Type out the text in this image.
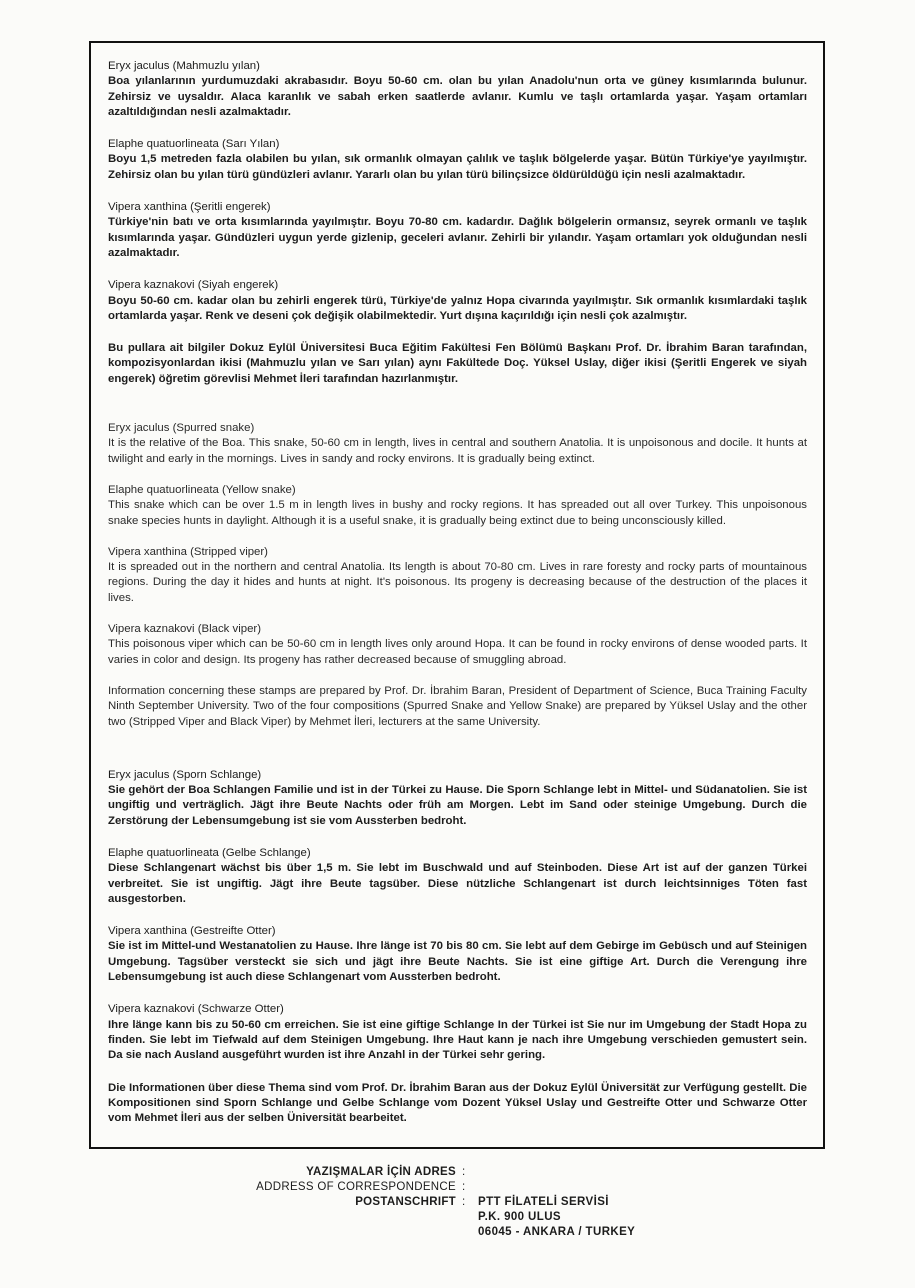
Eryx jaculus (Mahmuzlu yılan)

Boa yılanlarının yurdumuzdaki akrabasıdır. Boyu 50-60 cm. olan bu yılan Anadolu'nun orta ve güney kısımlarında bulunur. Zehirsiz ve uysaldır. Alaca karanlık ve sabah erken saatlerde avlanır. Kumlu ve taşlı ortamlarda yaşar. Yaşam ortamları azaltıldığından nesli azalmaktadır.

Elaphe quatuorlineata (Sarı Yılan)

Boyu 1,5 metreden fazla olabilen bu yılan, sık ormanlık olmayan çalılık ve taşlık bölgelerde yaşar. Bütün Türkiye'ye yayılmıştır. Zehirsiz olan bu yılan türü gündüzleri avlanır. Yararlı olan bu yılan türü bilinçsizce öldürüldüğü için nesli azalmaktadır.

Vipera xanthina (Şeritli engerek)

Türkiye'nin batı ve orta kısımlarında yayılmıştır. Boyu 70-80 cm. kadardır. Dağlık bölgelerin ormansız, seyrek ormanlı ve taşlık kısımlarında yaşar. Gündüzleri uygun yerde gizlenip, geceleri avlanır. Zehirli bir yılandır. Yaşam ortamları yok olduğundan nesli azalmaktadır.

Vipera kaznakovi (Siyah engerek)

Boyu 50-60 cm. kadar olan bu zehirli engerek türü, Türkiye'de yalnız Hopa civarında yayılmıştır. Sık ormanlık kısımlardaki taşlık ortamlarda yaşar. Renk ve deseni çok değişik olabilmektedir. Yurt dışına kaçırıldığı için nesli çok azalmıştır.

Bu pullara ait bilgiler Dokuz Eylül Üniversitesi Buca Eğitim Fakültesi Fen Bölümü Başkanı Prof. Dr. İbrahim Baran tarafından, kompozisyonlardan ikisi (Mahmuzlu yılan ve Sarı yılan) aynı Fakültede Doç. Yüksel Uslay, diğer ikisi (Şeritli Engerek ve siyah engerek) öğretim görevlisi Mehmet İleri tarafından hazırlanmıştır.

Eryx jaculus (Spurred snake)

It is the relative of the Boa. This snake, 50-60 cm in length, lives in central and southern Anatolia. It is unpoisonous and docile. It hunts at twilight and early in the mornings. Lives in sandy and rocky environs. It is gradually being extinct.

Elaphe quatuorlineata (Yellow snake)

This snake which can be over 1.5 m in length lives in bushy and rocky regions. It has spreaded out all over Turkey. This unpoisonous snake species hunts in daylight. Although it is a useful snake, it is gradually being extinct due to being unconsciously killed.

Vipera xanthina (Stripped viper)

It is spreaded out in the northern and central Anatolia. Its length is about 70-80 cm. Lives in rare foresty and rocky parts of mountainous regions. During the day it hides and hunts at night. It's poisonous. Its progeny is decreasing because of the destruction of the places it lives.

Vipera kaznakovi (Black viper)

This poisonous viper which can be 50-60 cm in length lives only around Hopa. It can be found in rocky environs of dense wooded parts. It varies in color and design. Its progeny has rather decreased because of smuggling abroad.

Information concerning these stamps are prepared by Prof. Dr. İbrahim Baran, President of Department of Science, Buca Training Faculty Ninth September University. Two of the four compositions (Spurred Snake and Yellow Snake) are prepared by Yüksel Uslay and the other two (Stripped Viper and Black Viper) by Mehmet İleri, lecturers at the same University.

Eryx jaculus (Sporn Schlange)

Sie gehört der Boa Schlangen Familie und ist in der Türkei zu Hause. Die Sporn Schlange lebt in Mittel- und Südanatolien. Sie ist ungiftig und verträglich. Jägt ihre Beute Nachts oder früh am Morgen. Lebt im Sand oder steinige Umgebung. Durch die Zerstörung der Lebensumgebung ist sie vom Aussterben bedroht.

Elaphe quatuorlineata (Gelbe Schlange)

Diese Schlangenart wächst bis über 1,5 m. Sie lebt im Buschwald und auf Steinboden. Diese Art ist auf der ganzen Türkei verbreitet. Sie ist ungiftig. Jägt ihre Beute tagsüber. Diese nützliche Schlangenart ist durch leichtsinniges Töten fast ausgestorben.

Vipera xanthina (Gestreifte Otter)

Sie ist im Mittel-und Westanatolien zu Hause. Ihre länge ist 70 bis 80 cm. Sie lebt auf dem Gebirge im Gebüsch und auf Steinigen Umgebung. Tagsüber versteckt sie sich und jägt ihre Beute Nachts. Sie ist eine giftige Art. Durch die Verengung ihre Lebensumgebung ist auch diese Schlangenart vom Aussterben bedroht.

Vipera kaznakovi (Schwarze Otter)

Ihre länge kann bis zu 50-60 cm erreichen. Sie ist eine giftige Schlange In der Türkei ist Sie nur im Umgebung der Stadt Hopa zu finden. Sie lebt im Tiefwald auf dem Steinigen Umgebung. Ihre Haut kann je nach ihre Umgebung verschieden gemustert sein. Da sie nach Ausland ausgeführt wurden ist ihre Anzahl in der Türkei sehr gering.

Die Informationen über diese Thema sind vom Prof. Dr. İbrahim Baran aus der Dokuz Eylül Üniversität zur Verfügung gestellt. Die Kompositionen sind Sporn Schlange und Gelbe Schlange vom Dozent Yüksel Uslay und Gestreifte Otter und Schwarze Otter vom Mehmet İleri aus der selben Üniversität bearbeitet.

YAZIŞMALAR İÇİN ADRES :
ADDRESS OF CORRESPONDENCE :
POSTANSCHRIFT :	PTT FİLATELİ SERVİSİ
P.K. 900 ULUS
06045 - ANKARA / TURKEY
